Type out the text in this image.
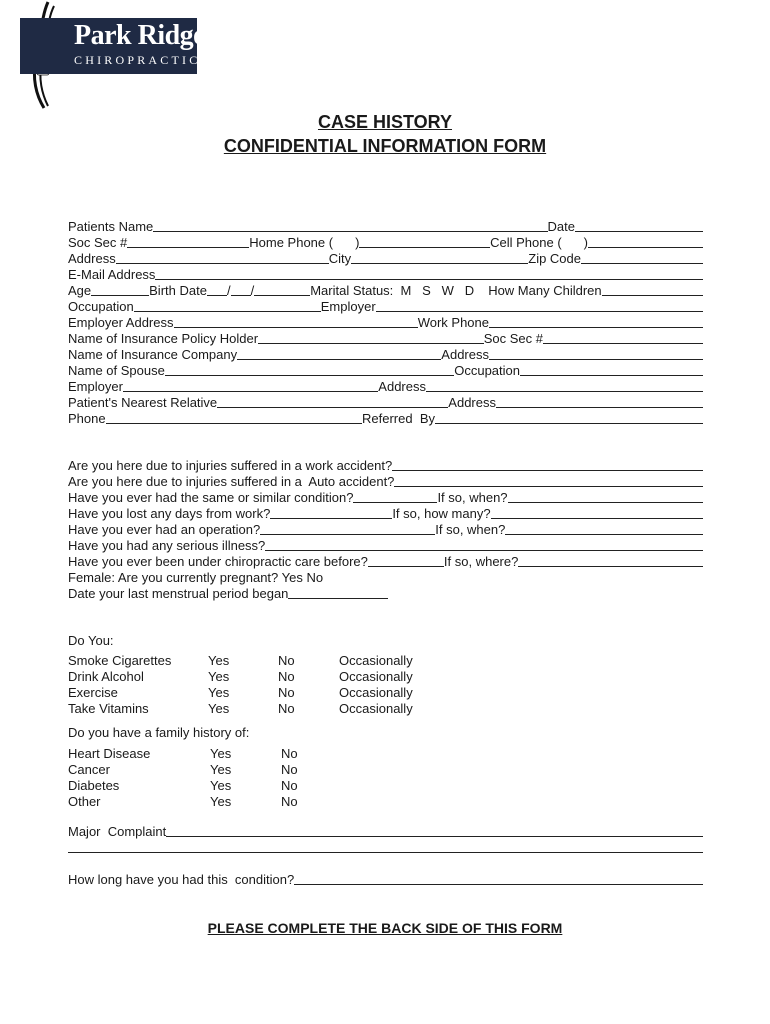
Park Ridge
CHIROPRACTIC
CASE HISTORY
CONFIDENTIAL INFORMATION FORM
Patients Name	Date
Soc Sec #	Home Phone ( )	Cell Phone ( )
Address	City	Zip Code
E-Mail Address
Age	Birth Date / /	Marital Status:  M   S   W   D How Many Children
Occupation	Employer
Employer Address	Work Phone
Name of Insurance Policy Holder	Soc Sec #
Name of Insurance Company	Address
Name of Spouse	Occupation
Employer	Address
Patient's Nearest Relative	Address
Phone	Referred  By
Are you here due to injuries suffered in a work accident?
Are you here due to injuries suffered in a  Auto accident?
Have you ever had the same or similar condition?	If so, when?
Have you lost any days from work?	If so, how many?
Have you ever had an operation?	If so, when?
Have you had any serious illness?
Have you ever been under chiropractic care before?	If so, where?
Female: Are you currently pregnant? Yes No
Date your last menstrual period began
Do You:
Smoke Cigarettes	Yes	No	Occasionally
Drink Alcohol	Yes	No	Occasionally
Exercise	Yes	No	Occasionally
Take Vitamins	Yes	No	Occasionally
Do you have a family history of:
Heart Disease	Yes	No
Cancer	Yes	No
Diabetes	Yes	No
Other	Yes	No
Major  Complaint
How long have you had this  condition?
PLEASE COMPLETE THE BACK SIDE OF THIS FORM
